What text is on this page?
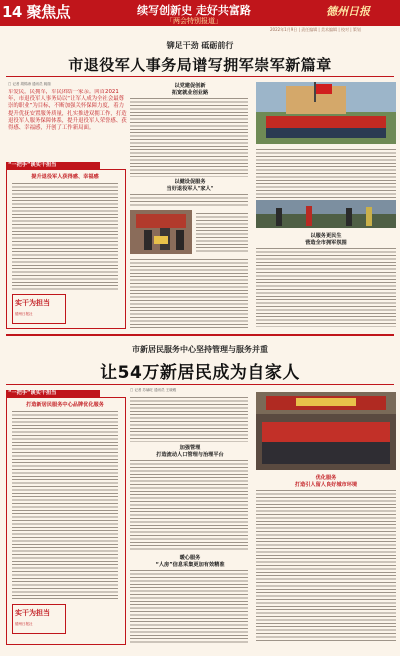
14 聚焦点	续写创新史 走好共富路
「两会特别报道」
德州日报
2022年1月9日 | 责任编辑 | 美术编辑 | 校对 | 策划
铆足干劲 砥砺前行
市退役军人事务局谱写拥军崇军新篇章
□ 记者 胡锦涛 通讯员 姚瑞
军爱民，民拥军，军民团结一家亲。回首2021年，市退役军人事务局以“让军人成为全社会最尊崇的职业”为目标，不断加强关怀保障力度，着力提升优抚安置服务质量，扎实推进双拥工作，打造退役军人服务保障体系，提升退役军人荣誉感、获得感、幸福感，开创了工作新局面。
“一把手”谈实干担当
提升退役军人获得感、幸福感
实干为担当
德州日报社
以党建促创新
拓宽就业创业路
以健设促服务
当好退役军人"家人"
以服务更民生
营造全市拥军氛围
市新居民服务中心坚持管理与服务并重
让54万新居民成为自家人
“一把手”谈实干担当
打造新居民服务中心品牌优化服务
实干为担当
德州日报社
□ 记者 苏赫旺 通讯员 王晓雅
加强管理
打造流动人口管理与治理平台
暖心服务
“人房”信息采集更加有效精准
优化服务
打造引人留人良好城市环境
